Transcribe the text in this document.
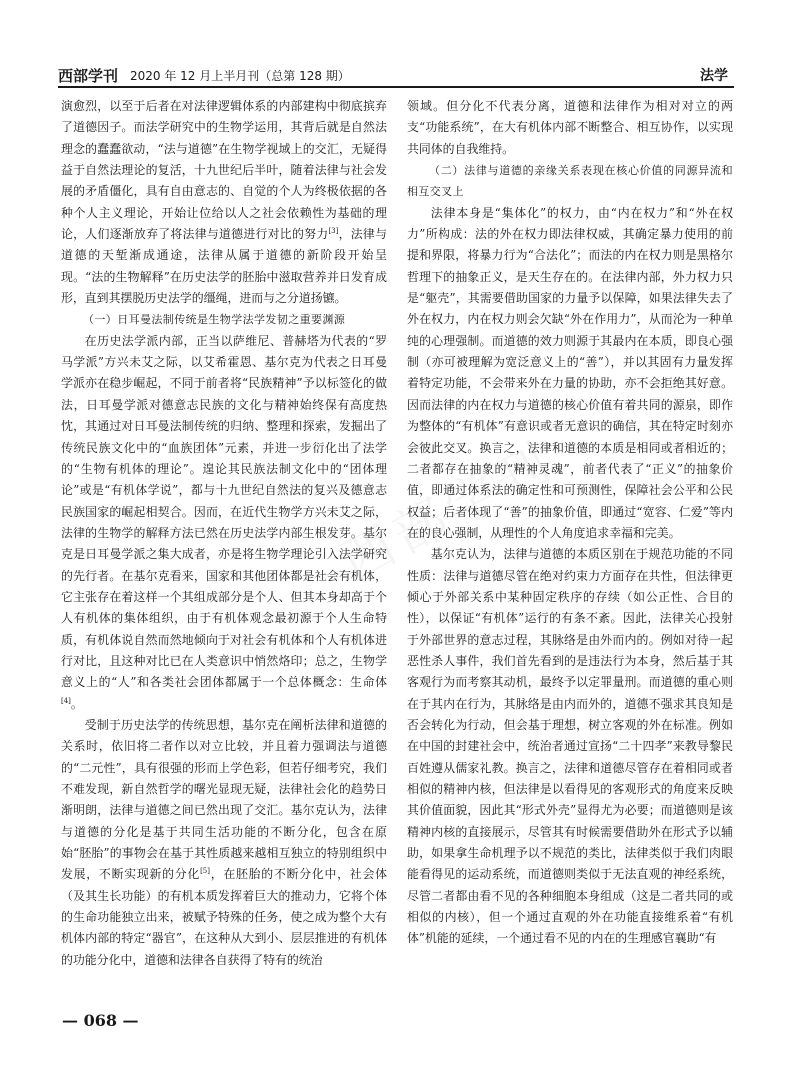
西部学刊 2020 年 12 月上半月刊（总第 128 期）	法学

演愈烈，以至于后者在对法律逻辑体系的内部建构中彻底摈弃了道德因子。而法学研究中的生物学运用，其背后就是自然法理念的蠢蠢欲动，“法与道德”在生物学视域上的交汇，无疑得益于自然法理论的复活，十九世纪后半叶，随着法律与社会发展的矛盾僵化，具有自由意志的、自觉的个人为终极依据的各种个人主义理论，开始让位给以人之社会依赖性为基础的理论，人们逐渐放弃了将法律与道德进行对比的努力[3]，法律与道德的天堑渐成通途，法律从属于道德的新阶段开始呈现。“法的生物解释”在历史法学的胚胎中滋取营养并日发育成形，直到其摆脱历史法学的缰绳，进而与之分道扬镳。

（一）日耳曼法制传统是生物学法学发韧之重要渊源

在历史法学派内部，正当以萨维尼、普赫塔为代表的“罗马学派”方兴未艾之际，以艾希霍恩、基尔克为代表之日耳曼学派亦在稳步崛起，不同于前者将“民族精神”予以标签化的做法，日耳曼学派对德意志民族的文化与精神始终保有高度热忱，其通过对日耳曼法制传统的归纳、整理和探索，发掘出了传统民族文化中的“血族团体”元素，并进一步衍化出了法学的“生物有机体的理论”。遑论其民族法制文化中的“团体理论”或是“有机体学说”，都与十九世纪自然法的复兴及德意志民族国家的崛起相契合。因而，在近代生物学方兴未艾之际，法律的生物学的解释方法已然在历史法学内部生根发芽。基尔克是日耳曼学派之集大成者，亦是将生物学理论引入法学研究的先行者。在基尔克看来，国家和其他团体都是社会有机体，它主张存在着这样一个其组成部分是个人、但其本身却高于个人有机体的集体组织，由于有机体观念最初源于个人生命特质，有机体说自然而然地倾向于对社会有机体和个人有机体进行对比，且这种对比已在人类意识中悄然烙印；总之，生物学意义上的“人”和各类社会团体都属于一个总体概念：生命体[4]。

受制于历史法学的传统思想，基尔克在阐析法律和道德的关系时，依旧将二者作以对立比较，并且着力强调法与道德的“二元性”，具有很强的形而上学色彩，但若仔细考究，我们不难发现，新自然哲学的曙光显现无疑，法律社会化的趋势日渐明朗，法律与道德之间已然出现了交汇。基尔克认为，法律与道德的分化是基于共同生活功能的不断分化，包含在原始“胚胎”的事物会在基于其性质越来越相互独立的特别组织中发展，不断实现新的分化[5]，在胚胎的不断分化中，社会体（及其生长功能）的有机本质发挥着巨大的推动力，它将个体的生命功能独立出来，被赋予特殊的任务，使之成为整个大有机体内部的特定“器官”，在这种从大到小、层层推进的有机体的功能分化中，道德和法律各自获得了特有的统治

领域。但分化不代表分离，道德和法律作为相对对立的两支“功能系统”，在大有机体内部不断整合、相互协作，以实现共同体的自我维持。

（二）法律与道德的亲缘关系表现在核心价值的同源异流和相互交叉上

法律本身是“集体化”的权力，由“内在权力”和“外在权力”所构成：法的外在权力即法律权威，其确定暴力使用的前提和界限，将暴力行为“合法化”；而法的内在权力则是黑格尔哲理下的抽象正义，是天生存在的。在法律内部，外力权力只是“躯壳”，其需要借助国家的力量予以保障，如果法律失去了外在权力，内在权力则会欠缺“外在作用力”，从而沦为一种单纯的心理强制。而道德的效力则源于其最内在本质，即良心强制（亦可被理解为宽泛意义上的“善”），并以其固有力量发挥着特定功能，不会带来外在力量的协助，亦不会拒绝其好意。因而法律的内在权力与道德的核心价值有着共同的源泉，即作为整体的“有机体”有意识或者无意识的确信，其在特定时刻亦会彼此交叉。换言之，法律和道德的本质是相同或者相近的；二者都存在抽象的“精神灵魂”，前者代表了“正义”的抽象价值，即通过体系法的确定性和可预测性，保障社会公平和公民权益；后者体现了“善”的抽象价值，即通过“宽容、仁爱”等内在的良心强制，从理性的个人角度追求幸福和完美。

基尔克认为，法律与道德的本质区别在于规范功能的不同性质：法律与道德尽管在绝对约束力方面存在共性，但法律更倾心于外部关系中某种固定秩序的存续（如公正性、合目的性），以保证“有机体”运行的有条不紊。因此，法律关心投射于外部世界的意志过程，其脉络是由外而内的。例如对待一起恶性杀人事件，我们首先看到的是违法行为本身，然后基于其客观行为而考察其动机，最终予以定罪量刑。而道德的重心则在于其内在行为，其脉络是由内而外的，道德不强求其良知是否会转化为行动，但会基于理想，树立客观的外在标准。例如在中国的封建社会中，统治者通过宣扬“二十四孝”来教导黎民百姓遵从儒家礼教。换言之，法律和道德尽管存在着相同或者相似的精神内核，但法律是以看得见的客观形式的角度来反映其价值面貌，因此其“形式外壳”显得尤为必要；而道德则是该精神内核的直接展示，尽管其有时候需要借助外在形式予以辅助，如果拿生命机理予以不规范的类比，法律类似于我们肉眼能看得见的运动系统，而道德则类似于无法直观的神经系统，尽管二者都由看不见的各种细胞本身组成（这是二者共同的或相似的内核），但一个通过直观的外在功能直接维系着“有机体”机能的延续，一个通过看不见的内在的生理感官襄助“有

— 068 —
